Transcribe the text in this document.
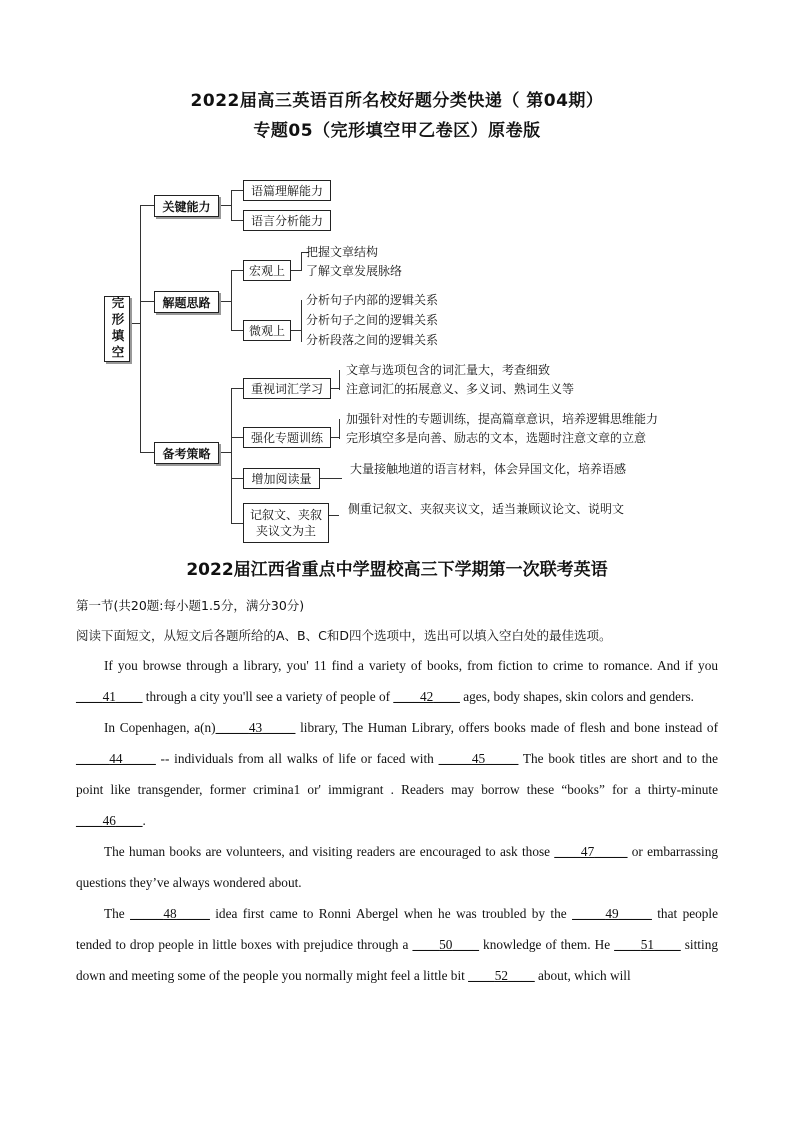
2022届高三英语百所名校好题分类快递（ 第04期）
专题05（完形填空甲乙卷区）原卷版
完形填空
关键能力
解题思路
备考策略
语篇理解能力
语言分析能力
宏观上
把握文章结构
了解文章发展脉络
微观上
分析句子内部的逻辑关系
分析句子之间的逻辑关系
分析段落之间的逻辑关系
重视词汇学习
文章与选项包含的词汇量大，考查细致
注意词汇的拓展意义、多义词、熟词生义等
强化专题训练
加强针对性的专题训练，提高篇章意识，培养逻辑思维能力
完形填空多是向善、励志的文本，选题时注意文章的立意
增加阅读量
大量接触地道的语言材料，体会异国文化，培养语感
记叙文、夹叙夹议文为主
侧重记叙文、夹叙夹议文，适当兼顾议论文、说明文
2022届江西省重点中学盟校高三下学期第一次联考英语
第一节(共20题:每小题1.5分，满分30分)
阅读下面短文，从短文后各题所给的A、B、C和D四个选项中，选出可以填入空白处的最佳选项。

If you browse through a library, you' 11 find a variety of books, from fiction to crime to romance. And if you ____41____ through a city you'll see a variety of people of ____42____ ages, body shapes, skin colors and genders.

In Copenhagen, a(n)_____43_____ library, The Human Library, offers books made of flesh and bone instead of _____44_____ -- individuals from all walks of life or faced with _____45_____ The book titles are short and to the point like transgender, former crimina1 or' immigrant . Readers may borrow these “books” for a thirty-minute ____46____.

The human books are volunteers, and visiting readers are encouraged to ask those ____47_____ or embarrassing questions they’ve always wondered about.

The _____48_____ idea first came to Ronni Abergel when he was troubled by the _____49_____ that people tended to drop people in little boxes with prejudice through a ____50____ knowledge of them. He ____51____ sitting down and meeting some of the people you normally might feel a little bit ____52____ about, which will
